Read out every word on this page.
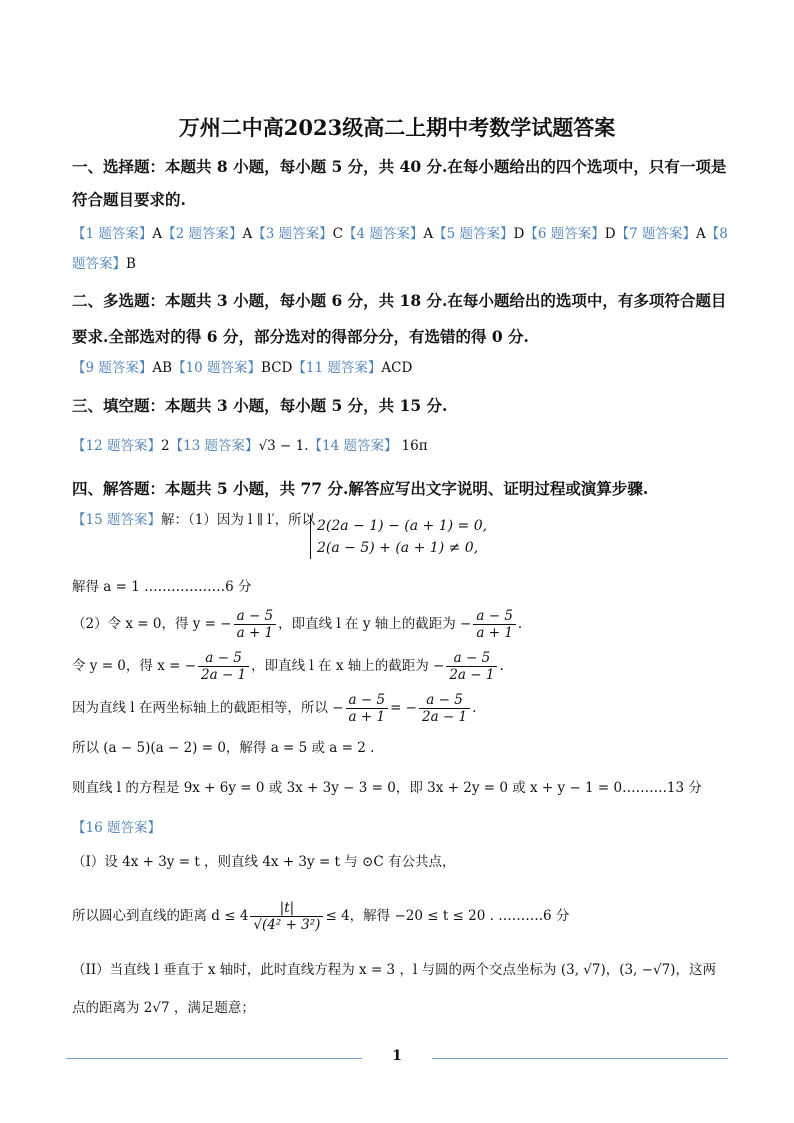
万州二中高2023级高二上期中考数学试题答案
一、选择题：本题共 8 小题，每小题 5 分，共 40 分.在每小题给出的四个选项中，只有一项是
符合题目要求的.
【1 题答案】A【2 题答案】A【3 题答案】C【4 题答案】A【5 题答案】D【6 题答案】D【7 题答案】A【8
题答案】B
二、多选题：本题共 3 小题，每小题 6 分，共 18 分.在每小题给出的选项中，有多项符合题目
要求.全部选对的得 6 分，部分选对的得部分分，有选错的得 0 分.
【9 题答案】AB【10 题答案】BCD【11 题答案】ACD
三、填空题：本题共 3 小题，每小题 5 分，共 15 分.
【12 题答案】2【13 题答案】√3 − 1.【14 题答案】 16π
四、解答题：本题共 5 小题，共 77 分.解答应写出文字说明、证明过程或演算步骤.
【15 题答案】解：（1）因为 l ∥ l′，所以 2(2a − 1) − (a + 1) = 0,
2(a − 5) + (a + 1) ≠ 0,
解得 a = 1 ………………6 分
（2）令 x = 0，得 y = − $\frac{a - 5}{a + 1}$ ，即直线 l 在 y 轴上的截距为 − $\frac{a - 5}{a + 1}$ .
令 y = 0，得 x = − $\frac{a - 5}{2a - 1}$ ，即直线 l 在 x 轴上的截距为 − $\frac{a - 5}{2a - 1}$ .
因为直线 l 在两坐标轴上的截距相等，所以 − $\frac{a - 5}{a + 1}$ = − $\frac{a - 5}{2a - 1}$ .
所以 (a − 5)(a − 2) = 0，解得 a = 5 或 a = 2 .
则直线 l 的方程是 9x + 6y = 0 或 3x + 3y − 3 = 0，即 3x + 2y = 0 或 x + y − 1 = 0……….13 分
【16 题答案】
（I）设 4x + 3y = t ，则直线 4x + 3y = t 与 ⊙C 有公共点，
所以圆心到直线的距离 $d \le 4 \frac{|t|}{\text{√(4² + 3²)}} \le 4$，解得 −20 ≤ t ≤ 20 . ……….6 分
（II）当直线 l 垂直于 x 轴时，此时直线方程为 x = 3 ，l 与圆的两个交点坐标为 (3, √7)，(3, −√7)，这两
点的距离为 2√7 ，满足题意；
1
